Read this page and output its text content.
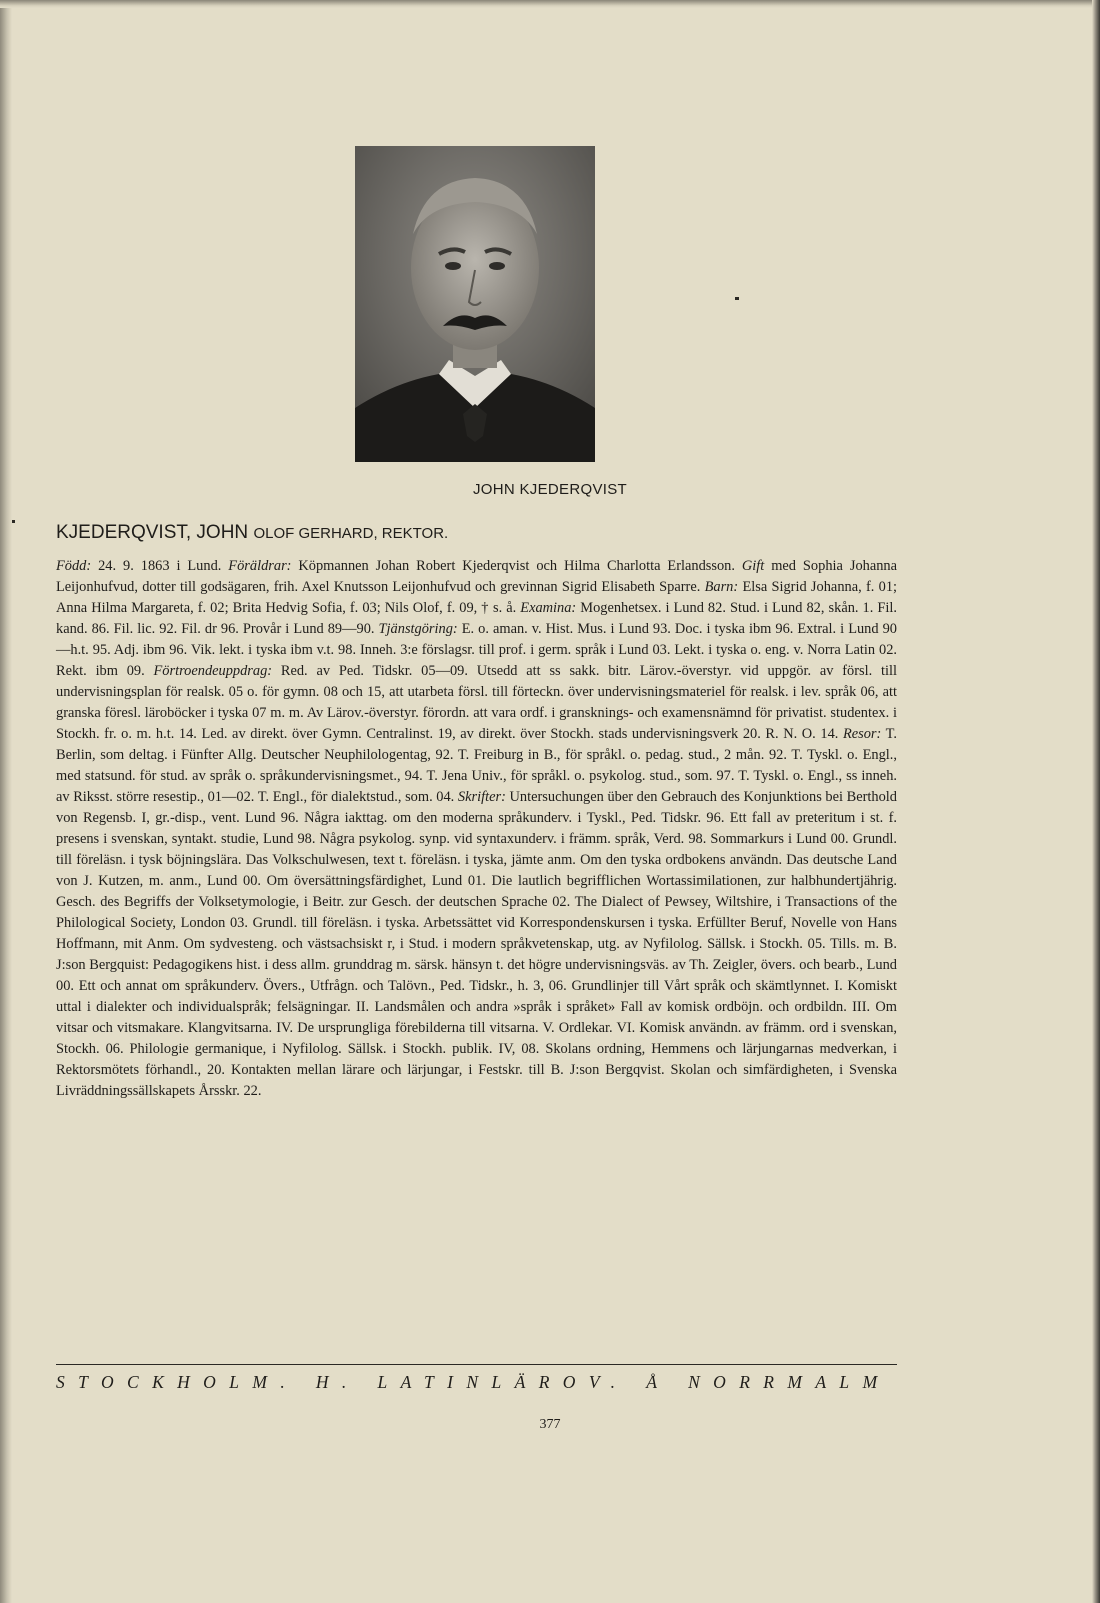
JOHN KJEDERQVIST
KJEDERQVIST, JOHN OLOF GERHARD, REKTOR.
Född: 24. 9. 1863 i Lund. Föräldrar: Köpmannen Johan Robert Kjederqvist och Hilma Charlotta Erlandsson. Gift med Sophia Johanna Leijonhufvud, dotter till godsägaren, frih. Axel Knutsson Leijonhufvud och grevinnan Sigrid Elisabeth Sparre. Barn: Elsa Sigrid Johanna, f. 01; Anna Hilma Margareta, f. 02; Brita Hedvig Sofia, f. 03; Nils Olof, f. 09, † s. å. Examina: Mogenhetsex. i Lund 82. Stud. i Lund 82, skån. 1. Fil. kand. 86. Fil. lic. 92. Fil. dr 96. Provår i Lund 89—90. Tjänstgöring: E. o. aman. v. Hist. Mus. i Lund 93. Doc. i tyska ibm 96. Extral. i Lund 90—h.t. 95. Adj. ibm 96. Vik. lekt. i tyska ibm v.t. 98. Inneh. 3:e förslagsr. till prof. i germ. språk i Lund 03. Lekt. i tyska o. eng. v. Norra Latin 02. Rekt. ibm 09. Förtroendeuppdrag: Red. av Ped. Tidskr. 05—09. Utsedd att ss sakk. bitr. Lärov.-överstyr. vid uppgör. av försl. till undervisningsplan för realsk. 05 o. för gymn. 08 och 15, att utarbeta försl. till förteckn. över undervisningsmateriel för realsk. i lev. språk 06, att granska föresl. läroböcker i tyska 07 m. m. Av Lärov.-överstyr. förordn. att vara ordf. i gransknings- och examensnämnd för privatist. studentex. i Stockh. fr. o. m. h.t. 14. Led. av direkt. över Gymn. Centralinst. 19, av direkt. över Stockh. stads undervisningsverk 20. R. N. O. 14. Resor: T. Berlin, som deltag. i Fünfter Allg. Deutscher Neuphilologentag, 92. T. Freiburg in B., för språkl. o. pedag. stud., 2 mån. 92. T. Tyskl. o. Engl., med statsund. för stud. av språk o. språkundervisningsmet., 94. T. Jena Univ., för språkl. o. psykolog. stud., som. 97. T. Tyskl. o. Engl., ss inneh. av Riksst. större resestip., 01—02. T. Engl., för dialektstud., som. 04. Skrifter: Untersuchungen über den Gebrauch des Konjunktions bei Berthold von Regensb. I, gr.-disp., vent. Lund 96. Några iakttag. om den moderna språkunderv. i Tyskl., Ped. Tidskr. 96. Ett fall av preteritum i st. f. presens i svenskan, syntakt. studie, Lund 98. Några psykolog. synp. vid syntaxunderv. i främm. språk, Verd. 98. Sommarkurs i Lund 00. Grundl. till föreläsn. i tysk böjningslära. Das Volkschulwesen, text t. föreläsn. i tyska, jämte anm. Om den tyska ordbokens användn. Das deutsche Land von J. Kutzen, m. anm., Lund 00. Om översättningsfärdighet, Lund 01. Die lautlich begrifflichen Wortassimilationen, zur halbhundertjährig. Gesch. des Begriffs der Volksetymologie, i Beitr. zur Gesch. der deutschen Sprache 02. The Dialect of Pewsey, Wiltshire, i Transactions of the Philological Society, London 03. Grundl. till föreläsn. i tyska. Arbetssättet vid Korrespondenskursen i tyska. Erfüllter Beruf, Novelle von Hans Hoffmann, mit Anm. Om sydvesteng. och västsachsiskt r, i Stud. i modern språkvetenskap, utg. av Nyfilolog. Sällsk. i Stockh. 05. Tills. m. B. J:son Bergquist: Pedagogikens hist. i dess allm. grunddrag m. särsk. hänsyn t. det högre undervisningsväs. av Th. Zeigler, övers. och bearb., Lund 00. Ett och annat om språkunderv. Övers., Utfrågn. och Talövn., Ped. Tidskr., h. 3, 06. Grundlinjer till Vårt språk och skämtlynnet. I. Komiskt uttal i dialekter och individualspråk; felsägningar. II. Landsmålen och andra »språk i språket» Fall av komisk ordböjn. och ordbildn. III. Om vitsar och vitsmakare. Klangvitsarna. IV. De ursprungliga förebilderna till vitsarna. V. Ordlekar. VI. Komisk användn. av främm. ord i svenskan, Stockh. 06. Philologie germanique, i Nyfilolog. Sällsk. i Stockh. publik. IV, 08. Skolans ordning, Hemmens och lärjungarnas medverkan, i Rektorsmötets förhandl., 20. Kontakten mellan lärare och lärjungar, i Festskr. till B. J:son Bergqvist. Skolan och simfärdigheten, i Svenska Livräddningssällskapets Årsskr. 22.
STOCKHOLM. H. LATINLÄROV. Å NORRMALM
377
